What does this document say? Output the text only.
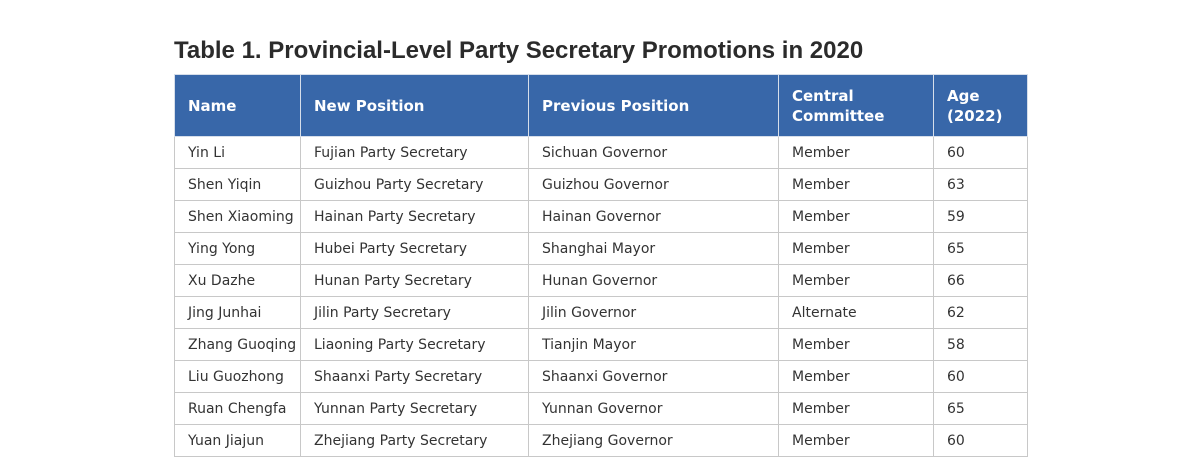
Table 1. Provincial-Level Party Secretary Promotions in 2020
Name	New Position	Previous Position	Central Committee	Age (2022)
Yin Li	Fujian Party Secretary	Sichuan Governor	Member	60
Shen Yiqin	Guizhou Party Secretary	Guizhou Governor	Member	63
Shen Xiaoming	Hainan Party Secretary	Hainan Governor	Member	59
Ying Yong	Hubei Party Secretary	Shanghai Mayor	Member	65
Xu Dazhe	Hunan Party Secretary	Hunan Governor	Member	66
Jing Junhai	Jilin Party Secretary	Jilin Governor	Alternate	62
Zhang Guoqing	Liaoning Party Secretary	Tianjin Mayor	Member	58
Liu Guozhong	Shaanxi Party Secretary	Shaanxi Governor	Member	60
Ruan Chengfa	Yunnan Party Secretary	Yunnan Governor	Member	65
Yuan Jiajun	Zhejiang Party Secretary	Zhejiang Governor	Member	60
